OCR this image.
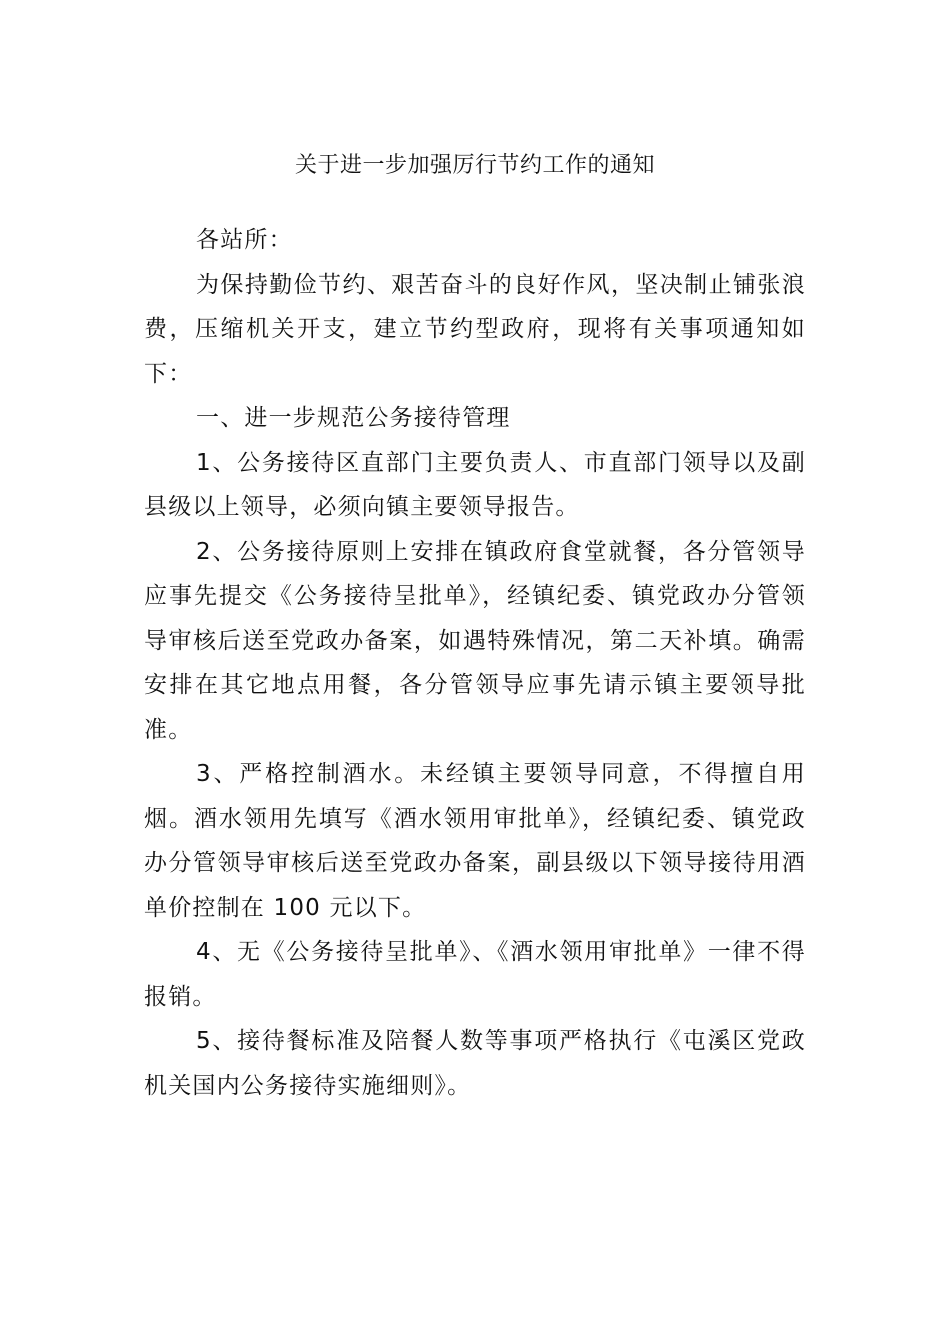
关于进一步加强厉行节约工作的通知

各站所：

为保持勤俭节约、艰苦奋斗的良好作风，坚决制止铺张浪费，压缩机关开支，建立节约型政府，现将有关事项通知如下：

一、进一步规范公务接待管理

1、公务接待区直部门主要负责人、市直部门领导以及副县级以上领导，必须向镇主要领导报告。

2、公务接待原则上安排在镇政府食堂就餐，各分管领导应事先提交《公务接待呈批单》，经镇纪委、镇党政办分管领导审核后送至党政办备案，如遇特殊情况，第二天补填。确需安排在其它地点用餐，各分管领导应事先请示镇主要领导批准。

3、严格控制酒水。未经镇主要领导同意，不得擅自用烟。酒水领用先填写《酒水领用审批单》，经镇纪委、镇党政办分管领导审核后送至党政办备案，副县级以下领导接待用酒单价控制在 100 元以下。

4、无《公务接待呈批单》、《酒水领用审批单》一律不得报销。

5、接待餐标准及陪餐人数等事项严格执行《屯溪区党政机关国内公务接待实施细则》。
